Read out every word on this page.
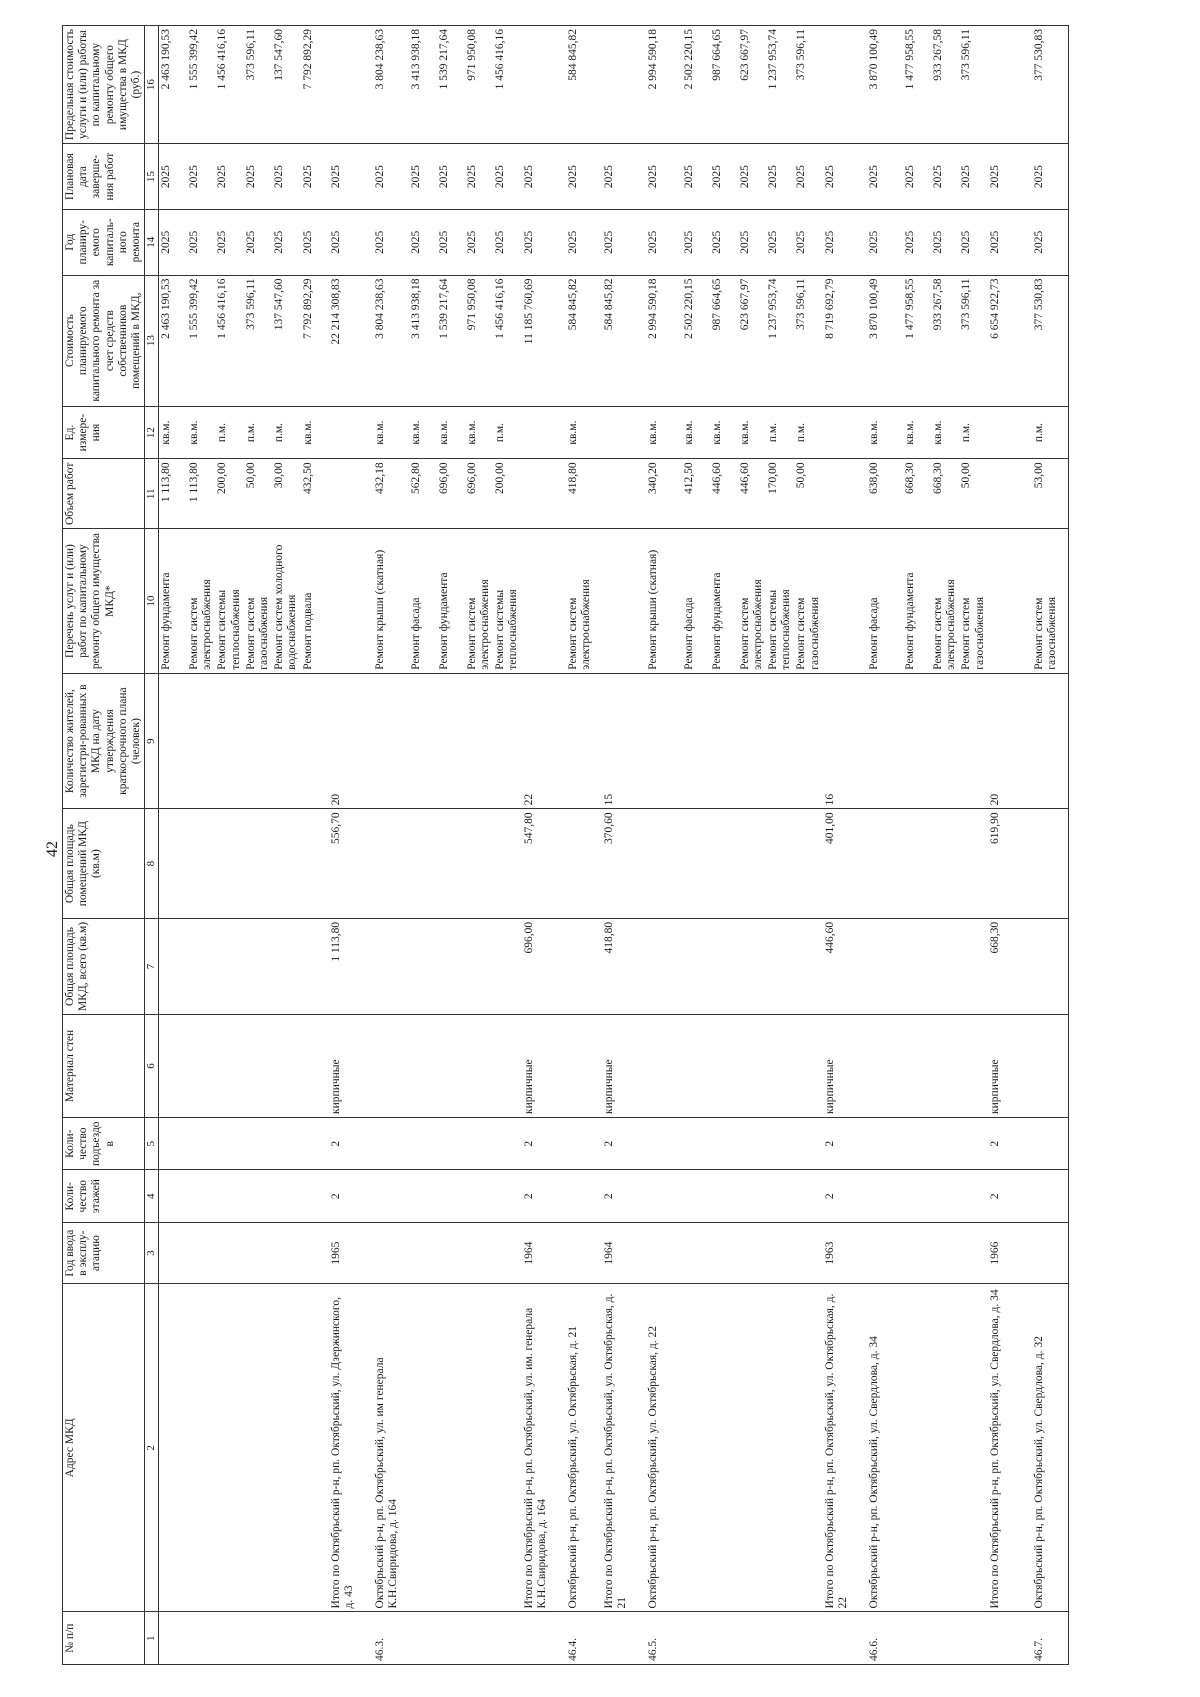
42
№ п/п	Адрес МКД	Год ввода в эксплу-атацию	Коли-чество этажей	Коли-чество подъездо в	Материал стен	Общая площадь МКД, всего (кв.м)	Общая площадь помещений МКД (кв.м)	Количество жителей, зарегистри-рованных в МКД на дату утверждения краткосрочного плана (человек)	Перечень услуг и (или) работ по капитальному ремонту общего имущества МКД*	Объем работ	Ед. измере-ния	Стоимость планируемого капитального ремонта за счет средств собственников помещений в МКД,	Год планиру-емого капиталь-ного ремонта	Плановая дата заверше-ния работ	Предельная стоимость услуги и (или) работы по капитальному ремонту общего имущества в МКД (руб.)
1	2	3	4	5	6	7	8	9	10	11	12	13	14	15	16
									Ремонт фундамента	1 113,80	кв.м.	2 463 190,53	2025	2025	2 463 190,53
									Ремонт систем электроснабжения	1 113,80	кв.м.	1 555 399,42	2025	2025	1 555 399,42
									Ремонт системы теплоснабжения	200,00	п.м.	1 456 416,16	2025	2025	1 456 416,16
									Ремонт систем газоснабжения	50,00	п.м.	373 596,11	2025	2025	373 596,11
									Ремонт систем холодного водоснабжения	30,00	п.м.	137 547,60	2025	2025	137 547,60
									Ремонт подвала	432,50	кв.м.	7 792 892,29	2025	2025	7 792 892,29
	Итого по Октябрьский р-н, рп. Октябрьский, ул. Дзержинского, д. 43	1965	2	2	кирпичные	1 113,80	556,70	20				22 214 308,83	2025	2025	
46.3.	Октябрьский р-н, рп. Октябрьский, ул. им генерала К.Н.Свиридова, д. 164								Ремонт крыши (скатная)	432,18	кв.м.	3 804 238,63	2025	2025	3 804 238,63
									Ремонт фасада	562,80	кв.м.	3 413 938,18	2025	2025	3 413 938,18
									Ремонт фундамента	696,00	кв.м.	1 539 217,64	2025	2025	1 539 217,64
									Ремонт систем электроснабжения	696,00	кв.м.	971 950,08	2025	2025	971 950,08
									Ремонт системы теплоснабжения	200,00	п.м.	1 456 416,16	2025	2025	1 456 416,16
	Итого по Октябрьский р-н, рп. Октябрьский, ул. им. генерала К.Н.Свиридова, д. 164	1964	2	2	кирпичные	696,00	547,80	22				11 185 760,69	2025	2025	
46.4.	Октябрьский р-н, рп. Октябрьский, ул. Октябрьская, д. 21								Ремонт систем электроснабжения	418,80	кв.м.	584 845,82	2025	2025	584 845,82
	Итого по Октябрьский р-н, рп. Октябрьский, ул. Октябрьская, д. 21	1964	2	2	кирпичные	418,80	370,60	15				584 845,82	2025	2025	
46.5.	Октябрьский р-н, рп. Октябрьский, ул. Октябрьская, д. 22								Ремонт крыши (скатная)	340,20	кв.м.	2 994 590,18	2025	2025	2 994 590,18
									Ремонт фасада	412,50	кв.м.	2 502 220,15	2025	2025	2 502 220,15
									Ремонт фундамента	446,60	кв.м.	987 664,65	2025	2025	987 664,65
									Ремонт систем электроснабжения	446,60	кв.м.	623 667,97	2025	2025	623 667,97
									Ремонт системы теплоснабжения	170,00	п.м.	1 237 953,74	2025	2025	1 237 953,74
									Ремонт систем газоснабжения	50,00	п.м.	373 596,11	2025	2025	373 596,11
	Итого по Октябрьский р-н, рп. Октябрьский, ул. Октябрьская, д. 22	1963	2	2	кирпичные	446,60	401,00	16				8 719 692,79	2025	2025	
46.6.	Октябрьский р-н, рп. Октябрьский, ул. Свердлова, д. 34								Ремонт фасада	638,00	кв.м.	3 870 100,49	2025	2025	3 870 100,49
									Ремонт фундамента	668,30	кв.м.	1 477 958,55	2025	2025	1 477 958,55
									Ремонт систем электроснабжения	668,30	кв.м.	933 267,58	2025	2025	933 267,58
									Ремонт систем газоснабжения	50,00	п.м.	373 596,11	2025	2025	373 596,11
	Итого по Октябрьский р-н, рп. Октябрьский, ул. Свердлова, д. 34	1966	2	2	кирпичные	668,30	619,90	20				6 654 922,73	2025	2025	
46.7.	Октябрьский р-н, рп. Октябрьский, ул. Свердлова, д. 32								Ремонт систем газоснабжения	53,00	п.м.	377 530,83	2025	2025	377 530,83
